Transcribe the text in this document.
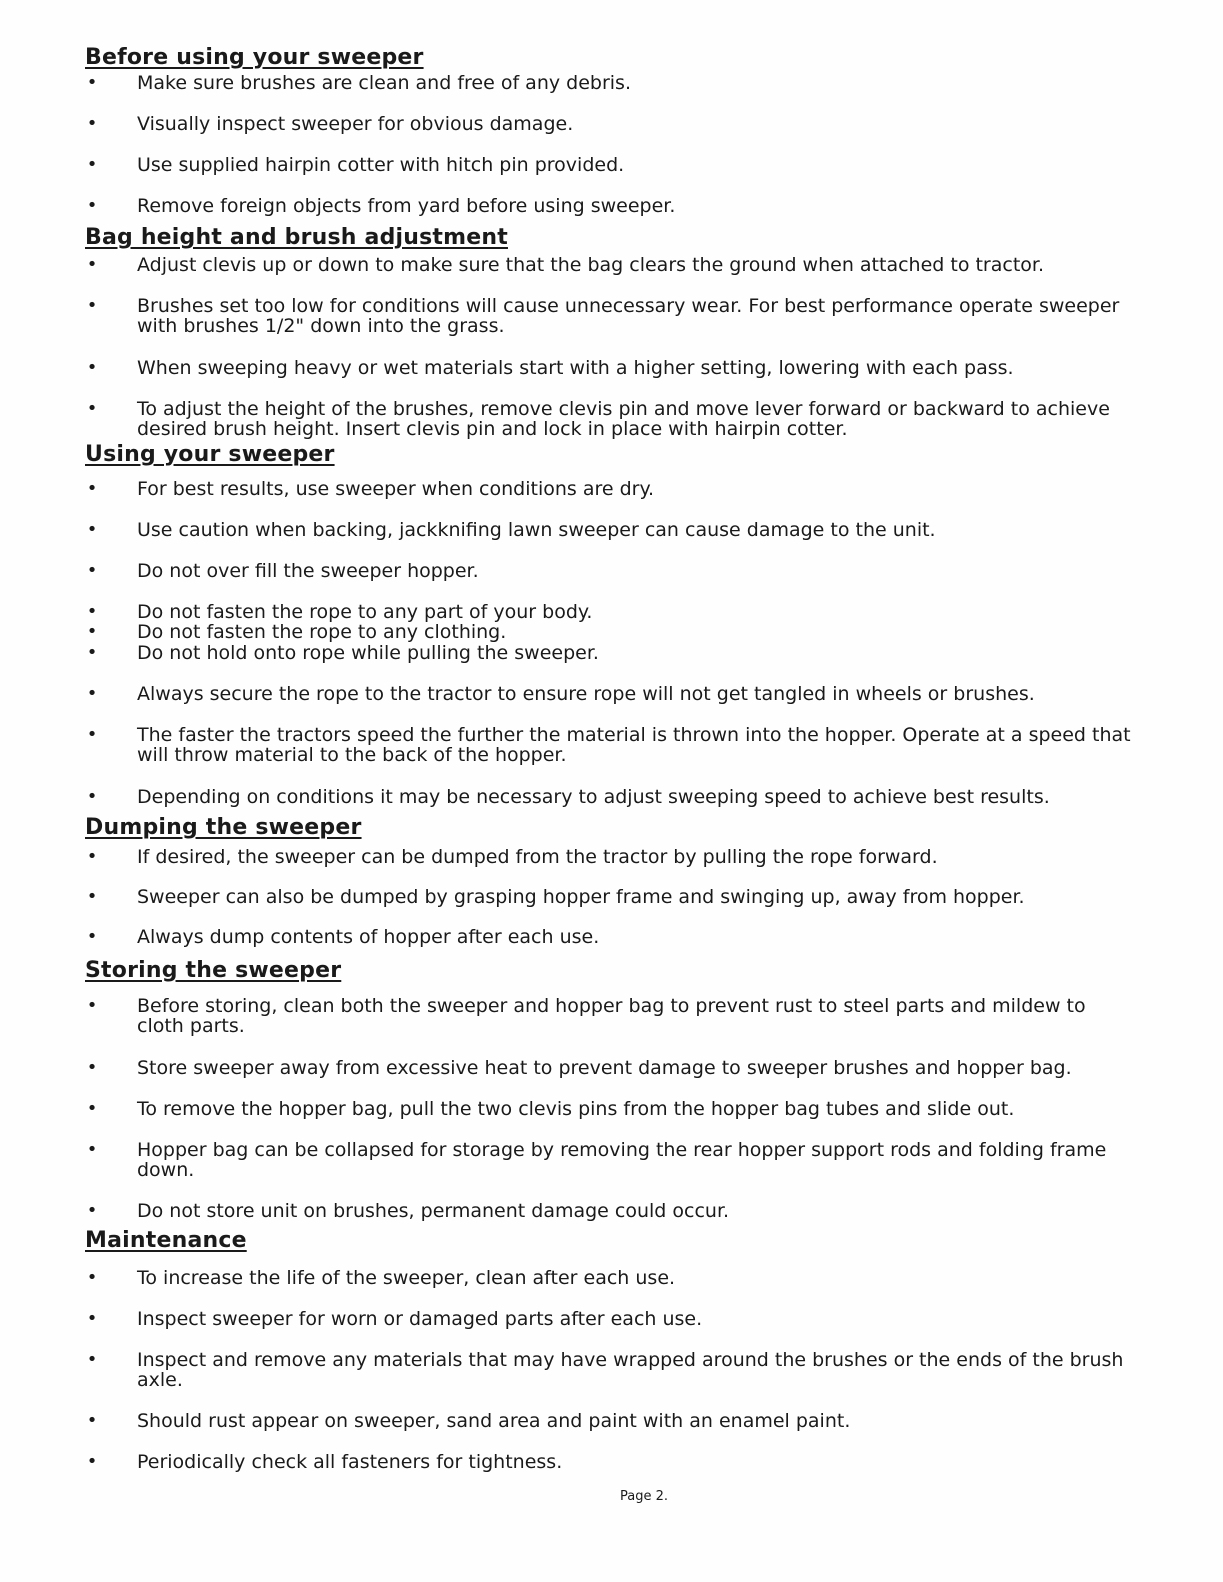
Before using your sweeper
• Make sure brushes are clean and free of any debris.
• Visually inspect sweeper for obvious damage.
• Use supplied hairpin cotter with hitch pin provided.
• Remove foreign objects from yard before using sweeper.
Bag height and brush adjustment
• Adjust clevis up or down to make sure that the bag clears the ground when attached to tractor.
• Brushes set too low for conditions will cause unnecessary wear. For best performance operate sweeper with brushes 1/2" down into the grass.
• When sweeping heavy or wet materials start with a higher setting, lowering with each pass.
• To adjust the height of the brushes, remove clevis pin and move lever forward or backward to achieve desired brush height. Insert clevis pin and lock in place with hairpin cotter.
Using your sweeper
• For best results, use sweeper when conditions are dry.
• Use caution when backing, jackknifing lawn sweeper can cause damage to the unit.
• Do not over fill the sweeper hopper.
• Do not fasten the rope to any part of your body.
• Do not fasten the rope to any clothing.
• Do not hold onto rope while pulling the sweeper.
• Always secure the rope to the tractor to ensure rope will not get tangled in wheels or brushes.
• The faster the tractors speed the further the material is thrown into the hopper. Operate at a speed that will throw material to the back of the hopper.
• Depending on conditions it may be necessary to adjust sweeping speed to achieve best results.
Dumping the sweeper
• If desired, the sweeper can be dumped from the tractor by pulling the rope forward.
• Sweeper can also be dumped by grasping hopper frame and swinging up, away from hopper.
• Always dump contents of hopper after each use.
Storing the sweeper
• Before storing, clean both the sweeper and hopper bag to prevent rust to steel parts and mildew to cloth parts.
• Store sweeper away from excessive heat to prevent damage to sweeper brushes and hopper bag.
• To remove the hopper bag, pull the two clevis pins from the hopper bag tubes and slide out.
• Hopper bag can be collapsed for storage by removing the rear hopper support rods and folding frame down.
• Do not store unit on brushes, permanent damage could occur.
Maintenance
• To increase the life of the sweeper, clean after each use.
• Inspect sweeper for worn or damaged parts after each use.
• Inspect and remove any materials that may have wrapped around the brushes or the ends of the brush axle.
• Should rust appear on sweeper, sand area and paint with an enamel paint.
• Periodically check all fasteners for tightness.
Page 2.
